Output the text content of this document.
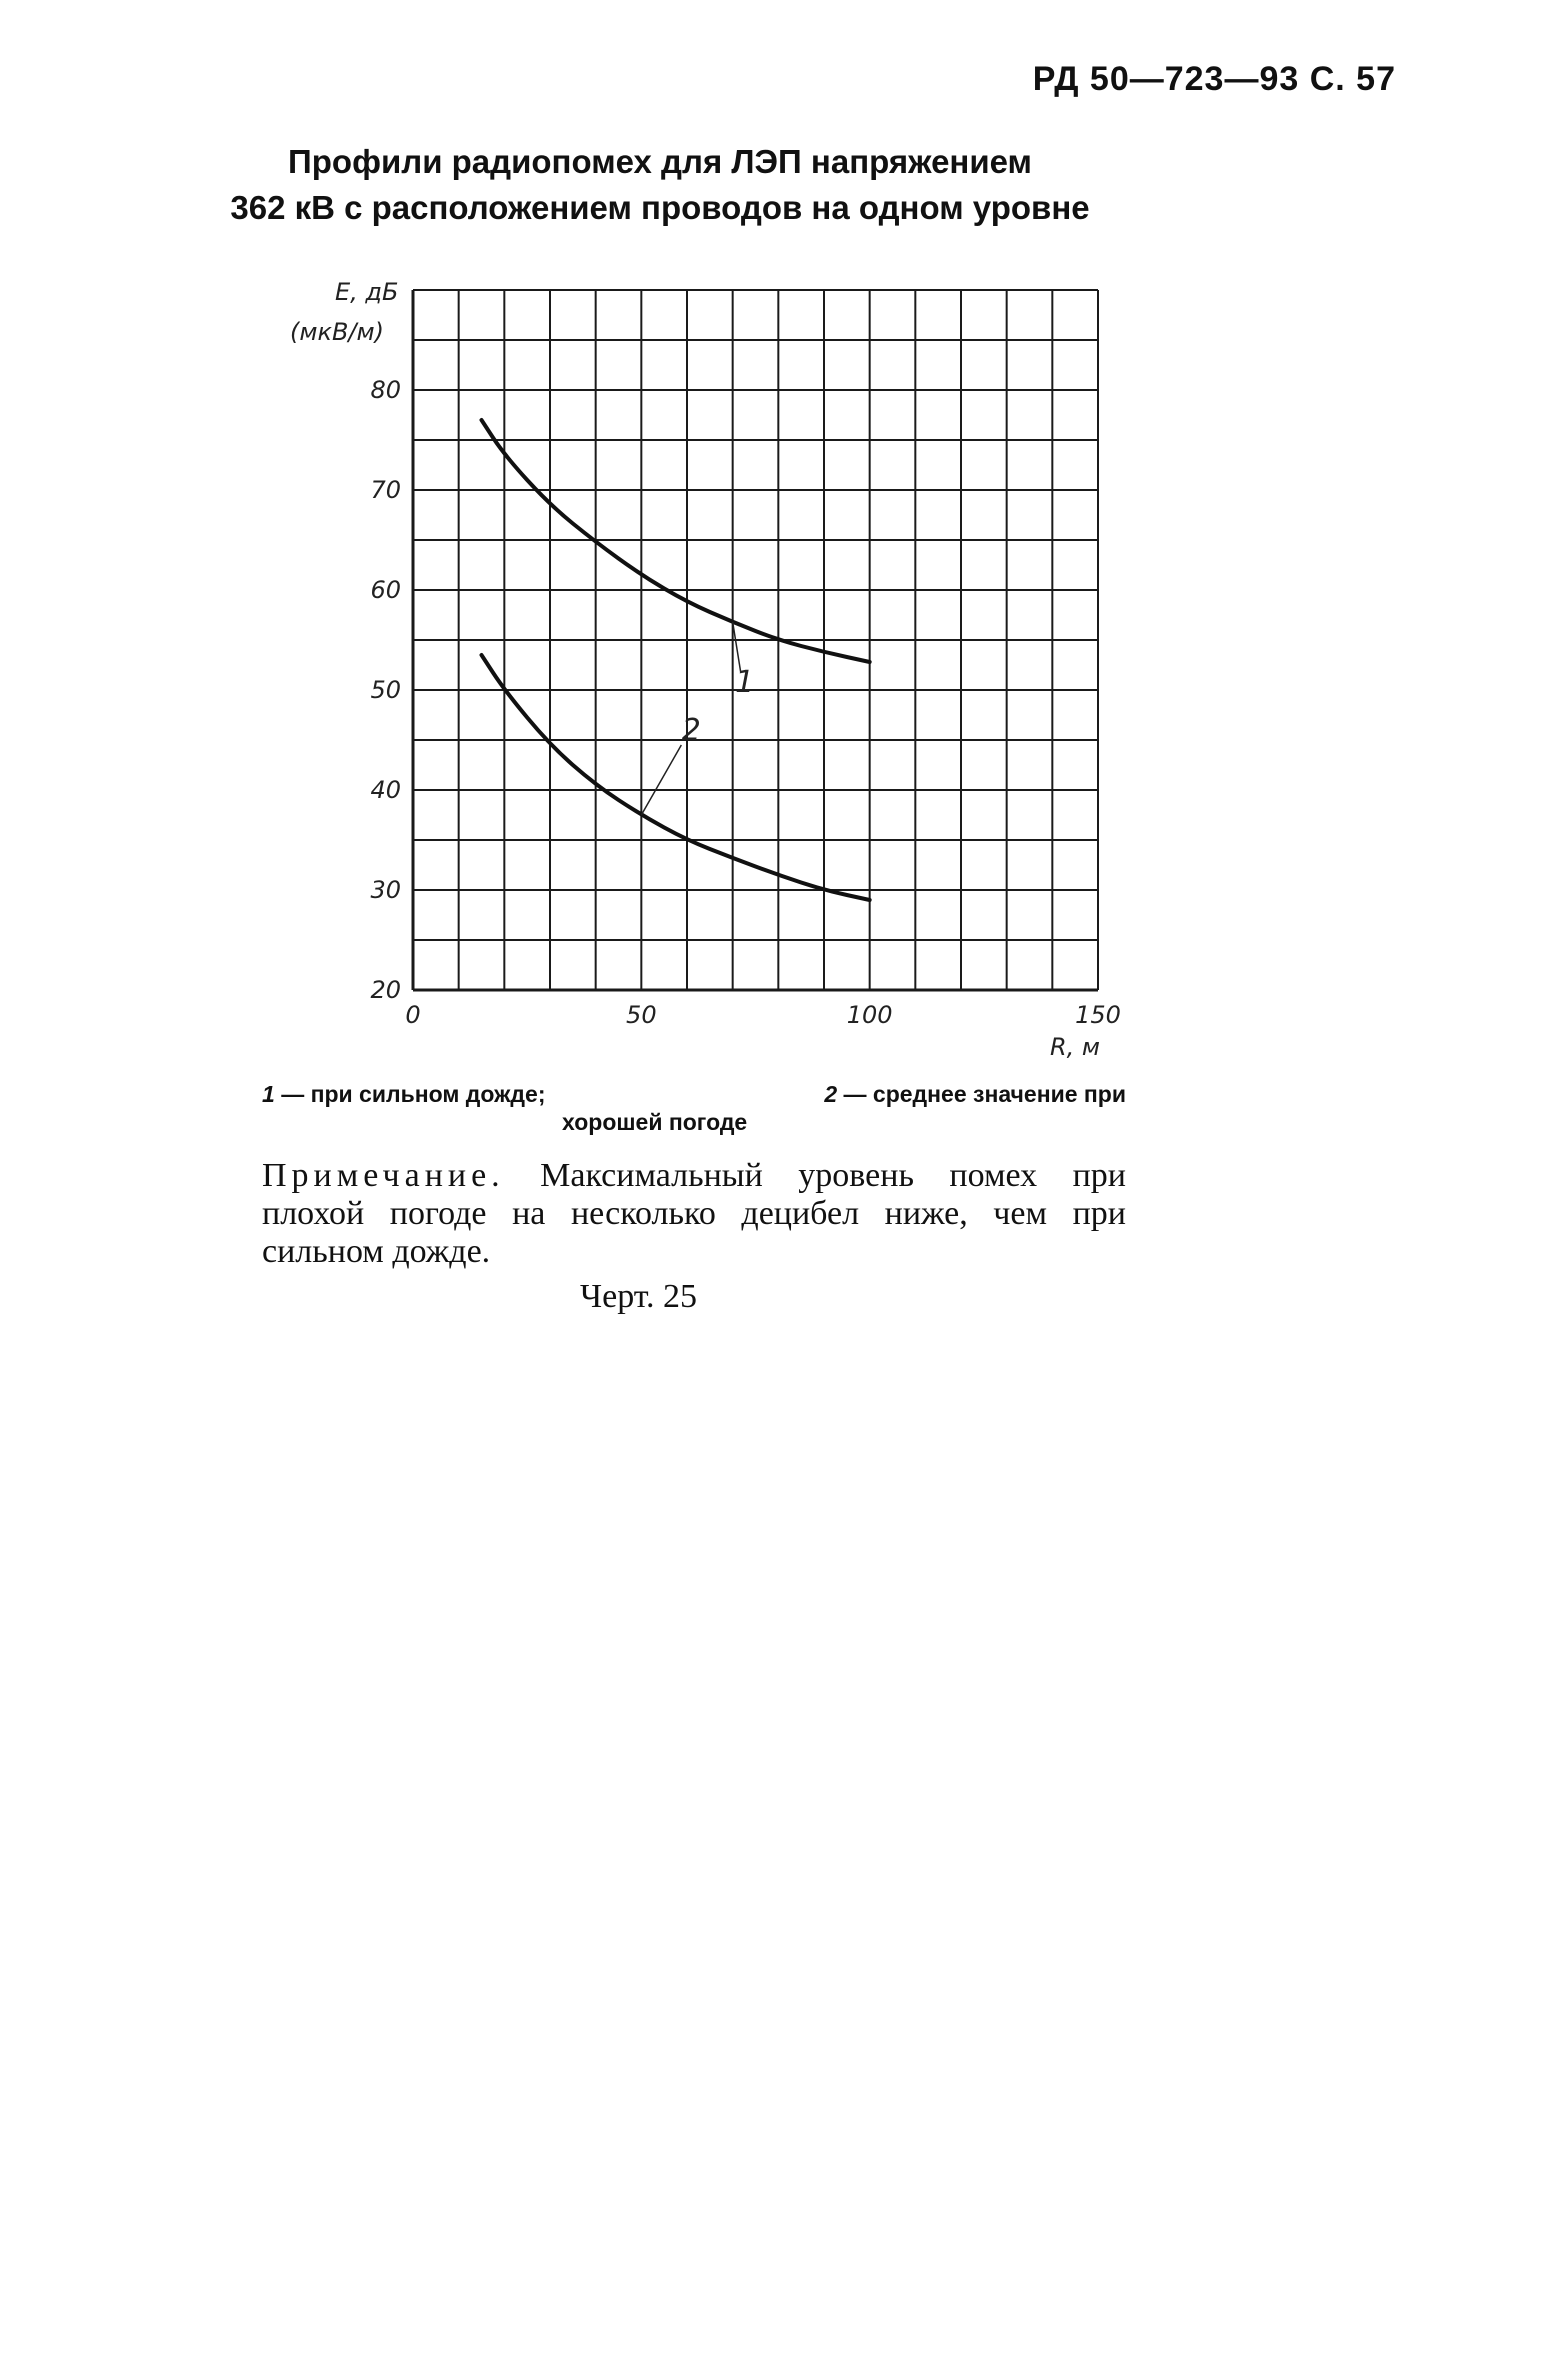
РД 50—723—93 С. 57
Профили радиопомех для ЛЭП напряжением
362 кВ с расположением проводов на одном уровне
1
2
20
30
40
50
60
70
80
0	50	100	150
E, дБ
(мкВ/м)
R, м
1 — при сильном дожде;	2 — среднее значение при
хорошей погоде
Примечание. Максимальный уровень помех при плохой погоде на несколько децибел ниже, чем при сильном дожде.
Черт. 25
